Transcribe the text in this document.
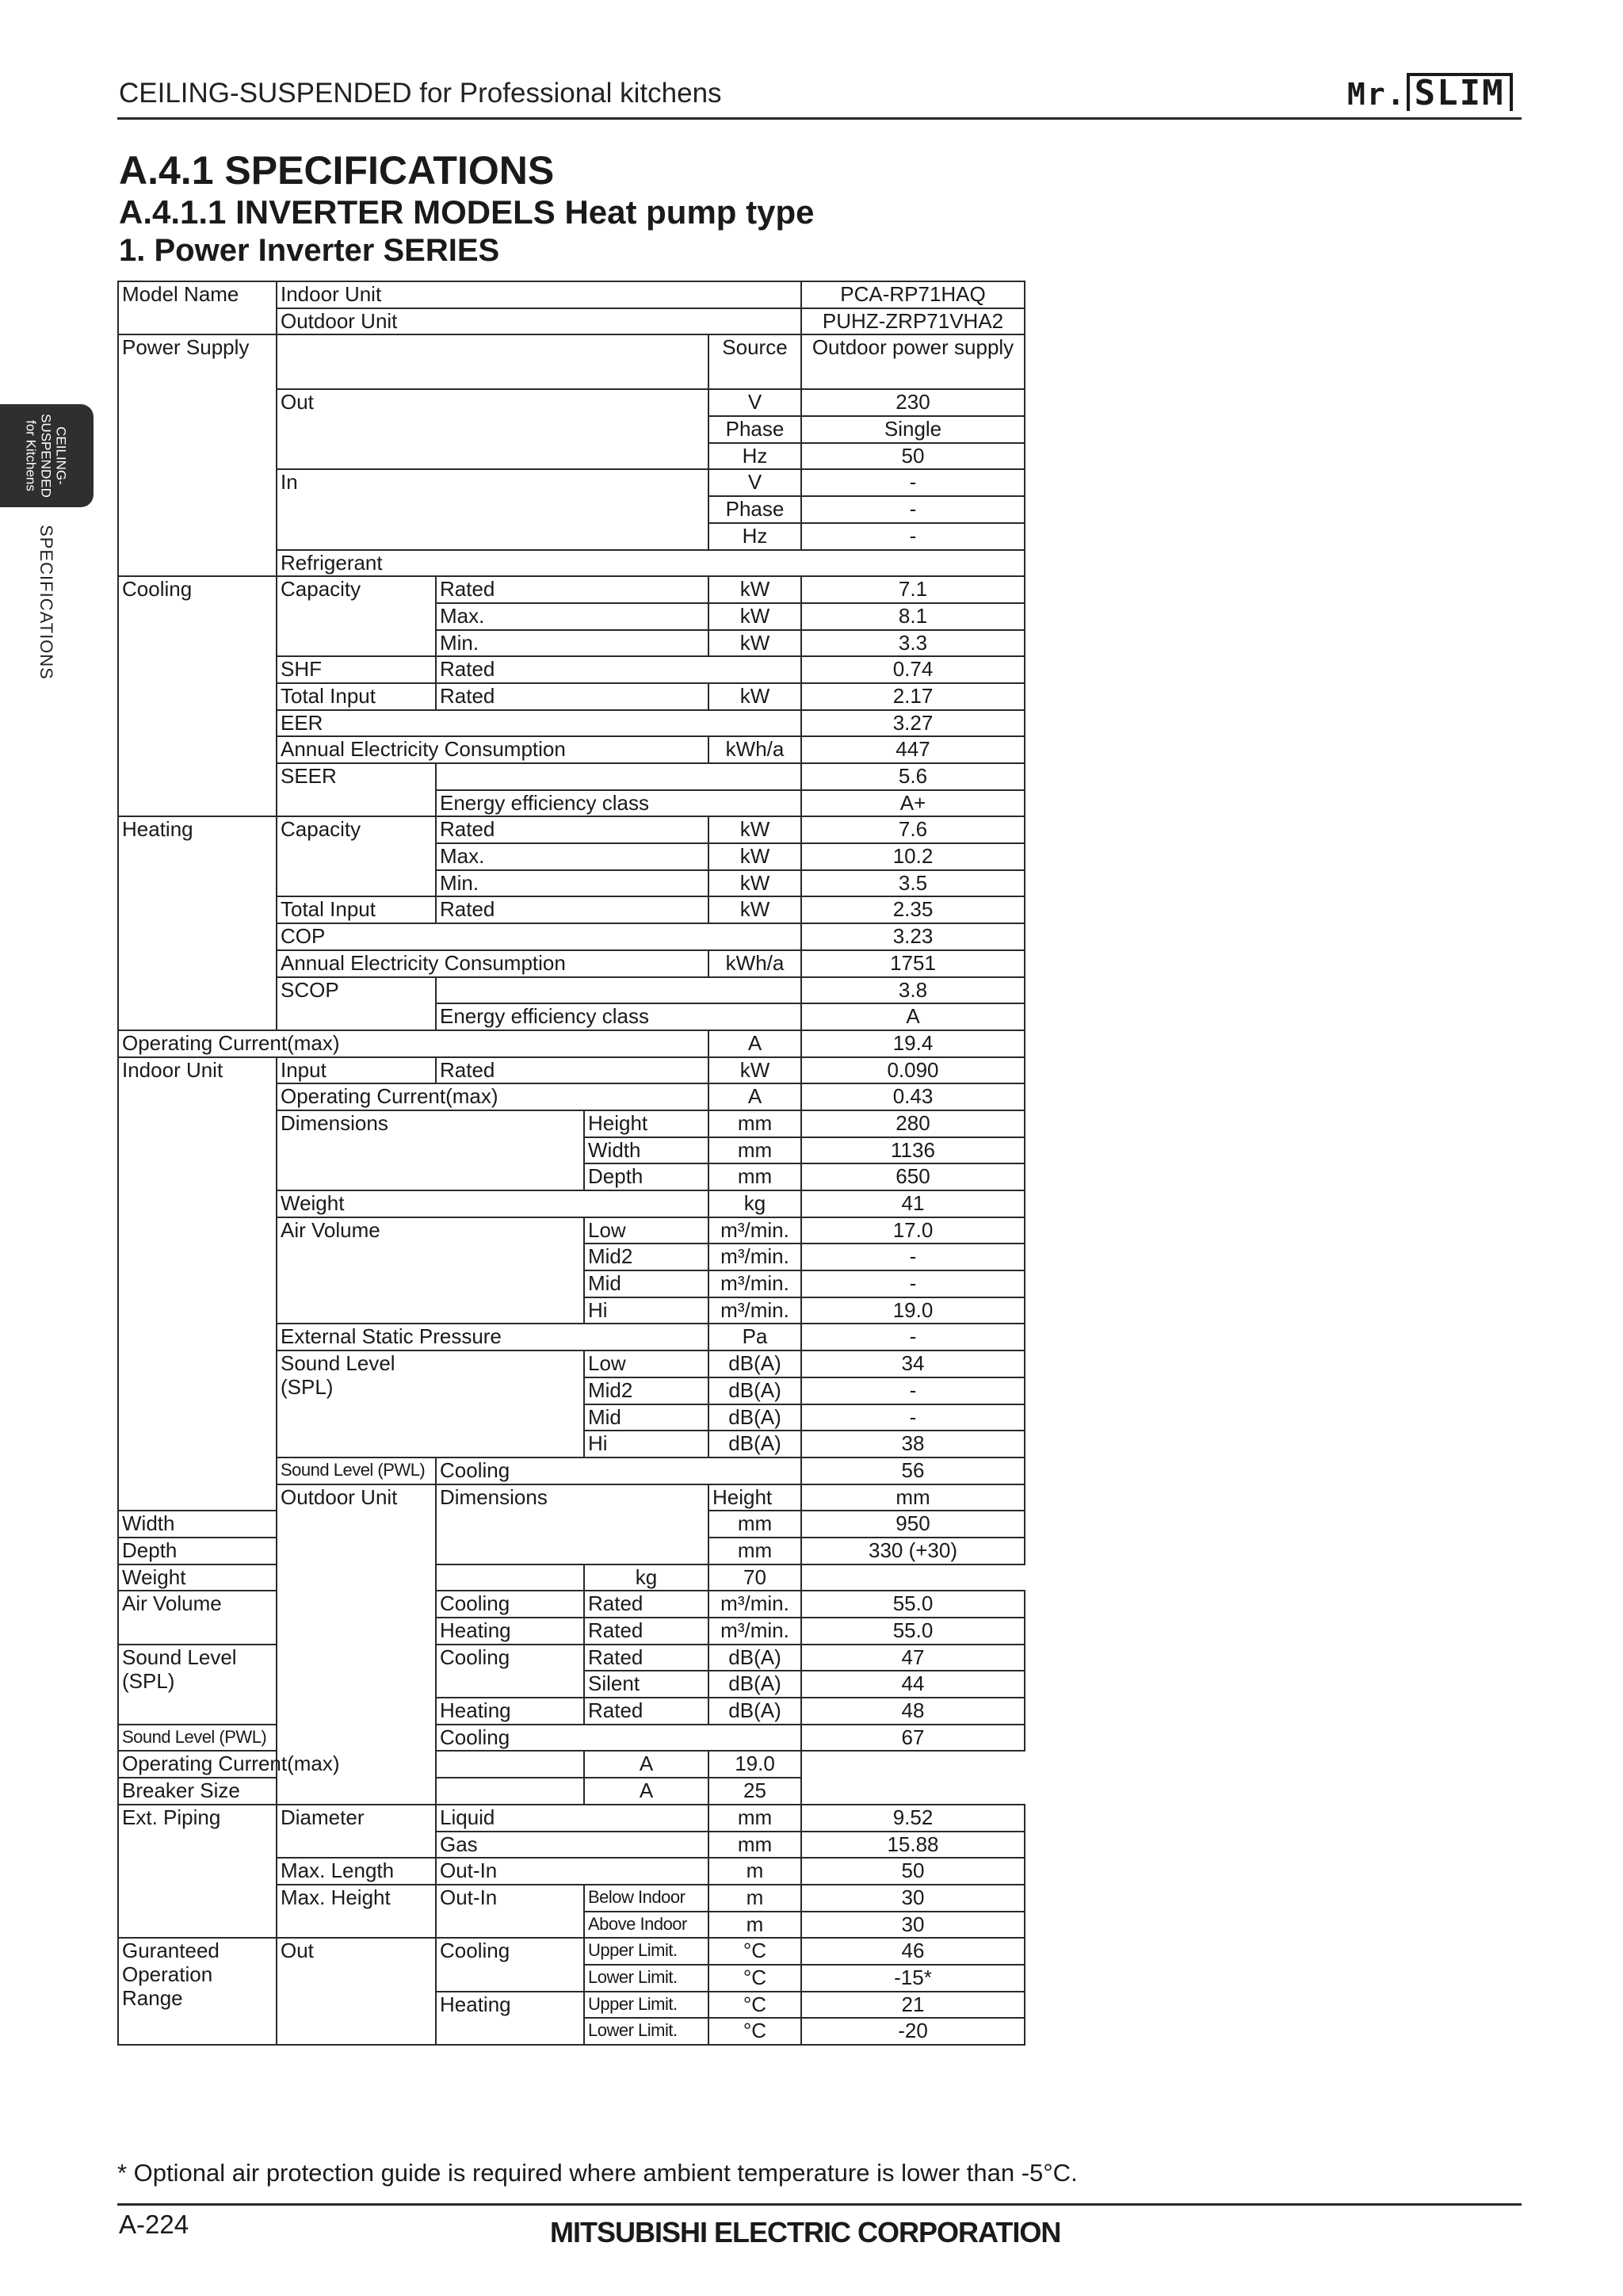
CEILING-SUSPENDED for Professional kitchens	Mr. SLIM
A.4.1 SPECIFICATIONS
A.4.1.1 INVERTER MODELS Heat pump type
1. Power Inverter SERIES
CEILING-
SUSPENDED
for Kitchens
SPECIFICATIONS
Model Name	Indoor Unit				PCA-RP71HAQ	
	Outdoor Unit				PUHZ-ZRP71VHA2	
Power Supply				Source	Outdoor power supply	
	Out			V	230	
				Phase	Single	
				Hz	50	
	In			V	-	
				Phase	-	
				Hz	-	
	Refrigerant	
Cooling	Capacity	Rated		kW	7.1	
		Max.		kW	8.1	
		Min.		kW	3.3	
	SHF	Rated			0.74	
	Total Input	Rated		kW	2.17	
	EER				3.27	
	Annual Electricity Consumption			kWh/a	447	
	SEER				5.6	
		Energy efficiency class			A+	
Heating	Capacity	Rated		kW	7.6	
		Max.		kW	10.2	
		Min.		kW	3.5	
	Total Input	Rated		kW	2.35	
	COP				3.23	
	Annual Electricity Consumption			kWh/a	1751	
	SCOP				3.8	
		Energy efficiency class			A	
Operating Current(max)				A	19.4	
Indoor Unit	Input	Rated		kW	0.090	
	Operating Current(max)			A	0.43	
	Dimensions		Height	mm	280	
			Width	mm	1136	
			Depth	mm	650	
	Weight			kg	41	
	Air Volume		Low	m³/min.	17.0	
			Mid2	m³/min.	-	
			Mid	m³/min.	-	
			Hi	m³/min.	19.0	
	External Static Pressure			Pa	-	
	Sound Level
(SPL)		Low	dB(A)	34	
			Mid2	dB(A)	-	
			Mid	dB(A)	-	
			Hi	dB(A)	38	
	Sound Level (PWL)	Cooling			56	
	Outdoor Unit	Dimensions		Height	mm	
Width				mm	950	
Depth				mm	330 (+30)	
Weight			kg	70		
Air Volume		Cooling	Rated	m³/min.	55.0	
		Heating	Rated	m³/min.	55.0	
Sound Level
(SPL)		Cooling	Rated	dB(A)	47	
			Silent	dB(A)	44	
		Heating	Rated	dB(A)	48	
Sound Level (PWL)		Cooling			67	
Operating Current(max)			A	19.0		
Breaker Size			A	25		
Ext. Piping	Diameter	Liquid		mm	9.52	
		Gas		mm	15.88	
	Max. Length	Out-In		m	50	
	Max. Height	Out-In	Below Indoor	m	30	
			Above Indoor	m	30	
Guranteed Operation Range	Out	Cooling	Upper Limit.	°C	46	
			Lower Limit.	°C	-15*	
		Heating	Upper Limit.	°C	21	
			Lower Limit.	°C	-20	
* Optional air protection guide is required where ambient temperature is lower than -5°C.
A-224	MITSUBISHI ELECTRIC CORPORATION
